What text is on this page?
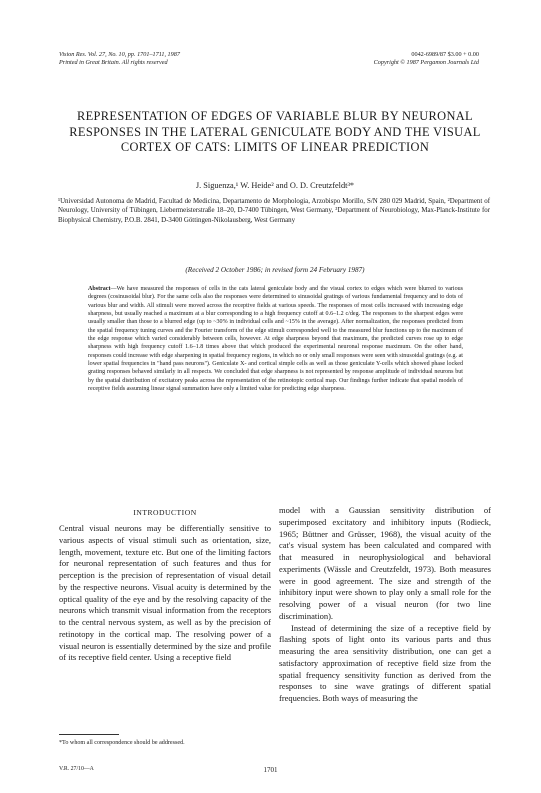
Vision Res. Vol. 27, No. 10, pp. 1701–1711, 1987
Printed in Great Britain. All rights reserved
0042-6989/87 $3.00 + 0.00
Copyright © 1987 Pergamon Journals Ltd
REPRESENTATION OF EDGES OF VARIABLE BLUR BY NEURONAL RESPONSES IN THE LATERAL GENICULATE BODY AND THE VISUAL CORTEX OF CATS: LIMITS OF LINEAR PREDICTION
J. Siguenza,¹ W. Heide² and O. D. Creutzfeldt³*
¹Universidad Autonoma de Madrid, Facultad de Medicina, Departamento de Morphologia, Arzobispo Morillo, S/N 280 029 Madrid, Spain, ²Department of Neurology, University of Tübingen, Liebermeisterstraße 18–20, D-7400 Tübingen, West Germany, ³Department of Neurobiology, Max-Planck-Institute for Biophysical Chemistry, P.O.B. 2841, D-3400 Göttingen-Nikolausberg, West Germany
(Received 2 October 1986; in revised form 24 February 1987)
Abstract—We have measured the responses of cells in the cats lateral geniculate body and the visual cortex to edges which were blurred to various degrees (cosinusoidal blur). For the same cells also the responses were determined to sinusoidal gratings of various fundamental frequency and to dots of various blur and width. All stimuli were moved across the receptive fields at various speeds. The responses of most cells increased with increasing edge sharpness, but usually reached a maximum at a blur corresponding to a high frequency cutoff at 0.6–1.2 c/deg. The responses to the sharpest edges were usually smaller than those to a blurred edge (up to ~30% in individual cells and ~15% in the average). After normalization, the responses predicted from the spatial frequency tuning curves and the Fourier transform of the edge stimuli corresponded well to the measured blur functions up to the maximum of the edge response which varied considerably between cells, however. At edge sharpness beyond that maximum, the predicted curves rose up to edge sharpness with high frequency cutoff 1.6–1.8 times above that which produced the experimental neuronal response maximum. On the other hand, responses could increase with edge sharpening in spatial frequency regions, in which no or only small responses were seen with sinusoidal gratings (e.g. at lower spatial frequencies in "hand pass neurons"). Geniculate X- and cortical simple cells as well as those geniculate Y-cells which showed phase locked grating responses behaved similarly in all respects. We concluded that edge sharpness is not represented by response amplitude of individual neurons but by the spatial distribution of excitatory peaks across the representation of the retinotopic cortical map. Our findings further indicate that spatial models of receptive fields assuming linear signal summation have only a limited value for predicting edge sharpness.
INTRODUCTION
Central visual neurons may be differentially sensitive to various aspects of visual stimuli such as orientation, size, length, movement, texture etc. But one of the limiting factors for neuronal representation of such features and thus for perception is the precision of representation of visual detail by the respective neurons. Visual acuity is determined by the optical quality of the eye and by the resolving capacity of the neurons which transmit visual information from the receptors to the central nervous system, as well as by the precision of retinotopy in the cortical map. The resolving power of a visual neuron is essentially determined by the size and profile of its receptive field center. Using a receptive field
model with a Gaussian sensitivity distribution of superimposed excitatory and inhibitory inputs (Rodieck, 1965; Büttner and Grüsser, 1968), the visual acuity of the cat's visual system has been calculated and compared with that measured in neurophysiological and behavioral experiments (Wässle and Creutzfeldt, 1973). Both measures were in good agreement. The size and strength of the inhibitory input were shown to play only a small role for the resolving power of a visual neuron (for two line discrimination).
Instead of determining the size of a receptive field by flashing spots of light onto its various parts and thus measuring the area sensitivity distribution, one can get a satisfactory approximation of receptive field size from the spatial frequency sensitivity function as derived from the responses to sine wave gratings of different spatial frequencies. Both ways of measuring the
*To whom all correspondence should be addressed.
V.R. 27/10—A	1701
